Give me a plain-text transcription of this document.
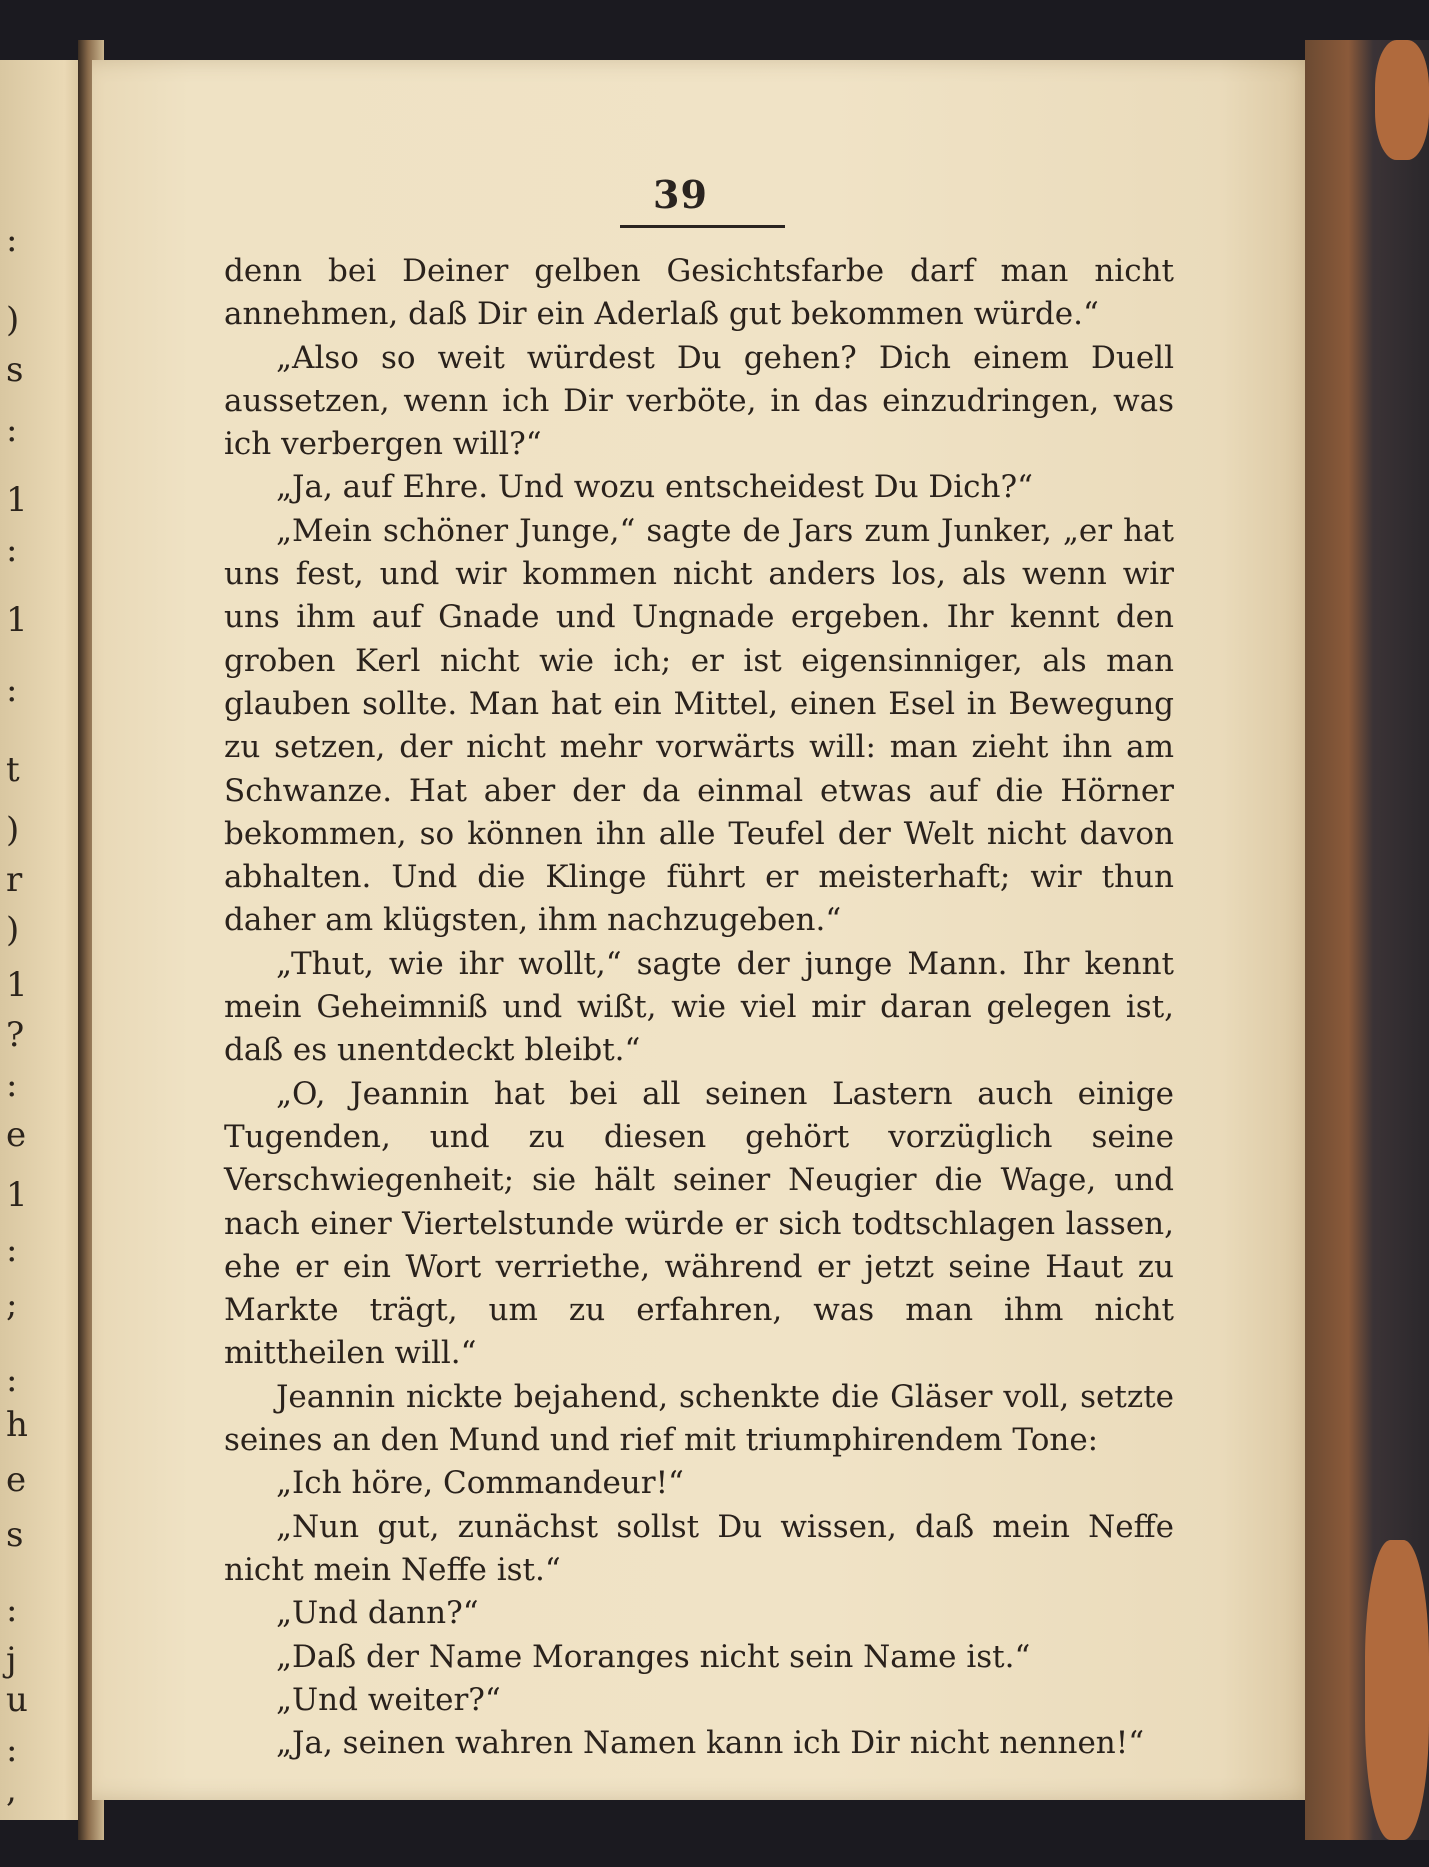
:
)
s
:
1
:
1
:
t
)
r
)
1
?
:
e
1
:
;
:
h
e
s
:
j
u
:
,
39

denn bei Deiner gelben Gesichtsfarbe darf man nicht annehmen, daß Dir ein Aderlaß gut bekommen würde.“

„Also so weit würdest Du gehen? Dich einem Duell aussetzen, wenn ich Dir verböte, in das einzudringen, was ich verbergen will?“

„Ja, auf Ehre. Und wozu entscheidest Du Dich?“

„Mein schöner Junge,“ sagte de Jars zum Junker, „er hat uns fest, und wir kommen nicht anders los, als wenn wir uns ihm auf Gnade und Ungnade ergeben. Ihr kennt den groben Kerl nicht wie ich; er ist eigensinniger, als man glauben sollte. Man hat ein Mittel, einen Esel in Bewegung zu setzen, der nicht mehr vorwärts will: man zieht ihn am Schwanze. Hat aber der da einmal etwas auf die Hörner bekommen, so können ihn alle Teufel der Welt nicht davon abhalten. Und die Klinge führt er meisterhaft; wir thun daher am klügsten, ihm nachzugeben.“

„Thut, wie ihr wollt,“ sagte der junge Mann. Ihr kennt mein Geheimniß und wißt, wie viel mir daran gelegen ist, daß es unentdeckt bleibt.“

„O, Jeannin hat bei all seinen Lastern auch einige Tugenden, und zu diesen gehört vorzüglich seine Verschwiegenheit; sie hält seiner Neugier die Wage, und nach einer Viertelstunde würde er sich todtschlagen lassen, ehe er ein Wort verriethe, während er jetzt seine Haut zu Markte trägt, um zu erfahren, was man ihm nicht mittheilen will.“

Jeannin nickte bejahend, schenkte die Gläser voll, setzte seines an den Mund und rief mit triumphirendem Tone:

„Ich höre, Commandeur!“

„Nun gut, zunächst sollst Du wissen, daß mein Neffe nicht mein Neffe ist.“

„Und dann?“

„Daß der Name Moranges nicht sein Name ist.“

„Und weiter?“

„Ja, seinen wahren Namen kann ich Dir nicht nennen!“
